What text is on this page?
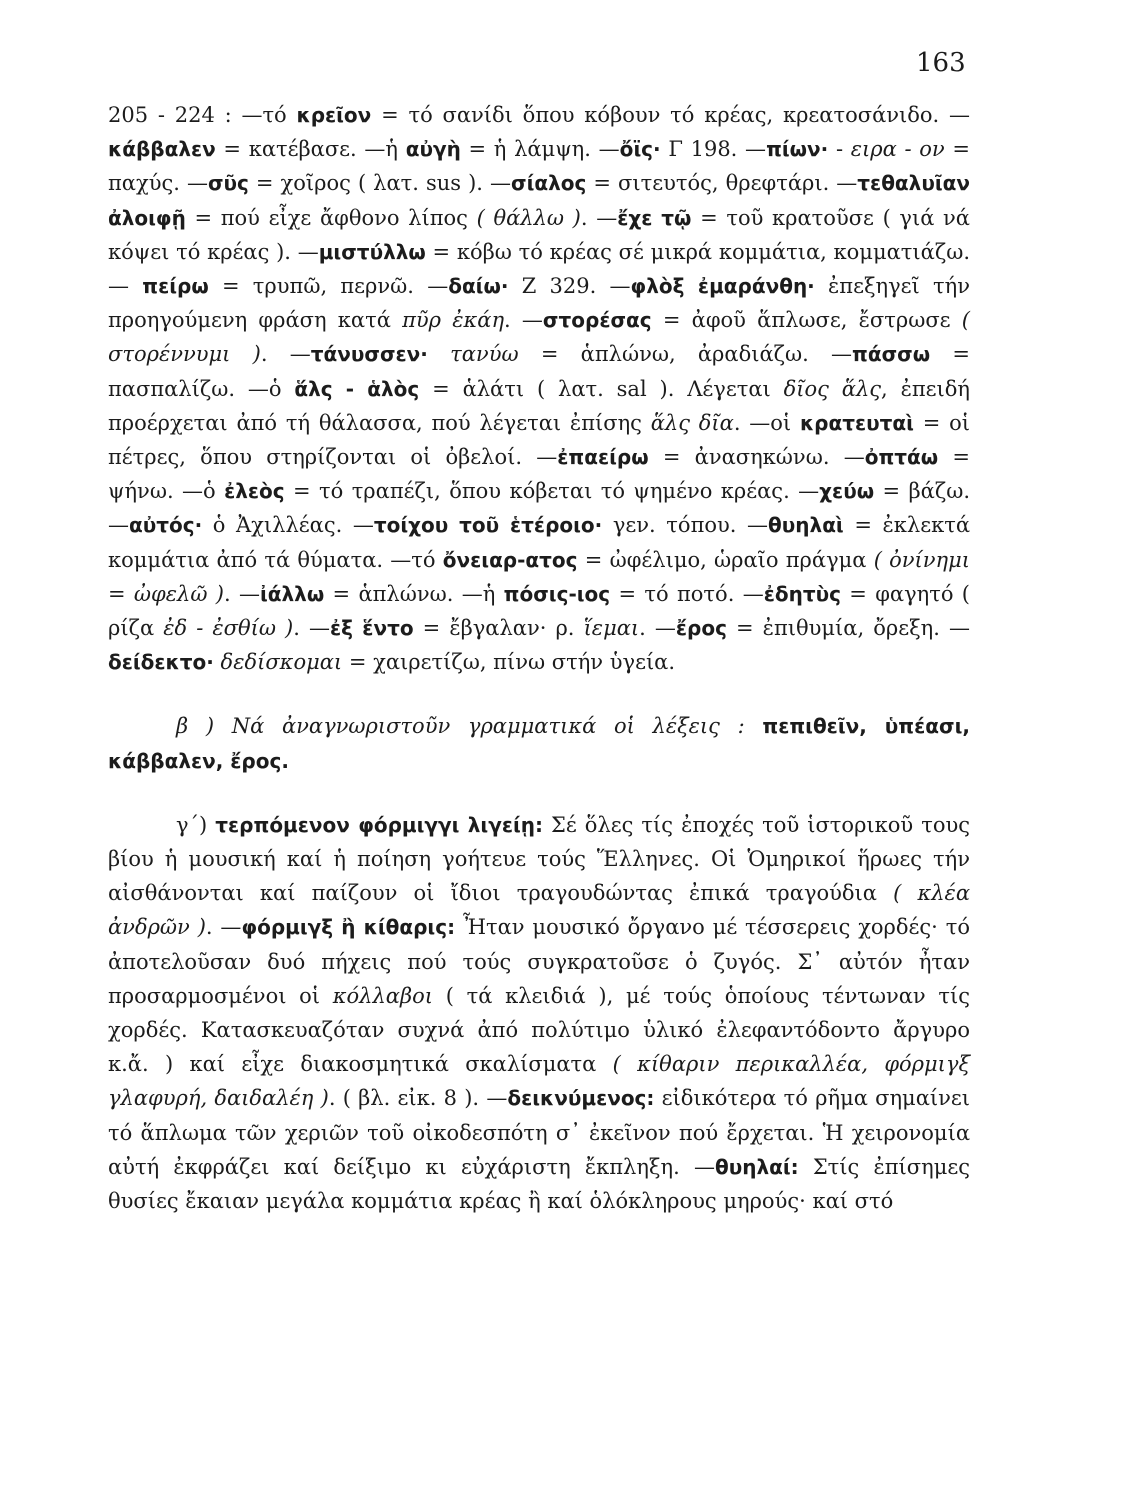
163

205 - 224 : —τό κρεῖον = τό σανίδι ὅπου κόβουν τό κρέας, κρεατοσάνιδο. —κάββαλεν = κατέβασε. —ἡ αὐγὴ = ἡ λάμψη. —ὄϊς· Γ 198. —πίων· - ειρα - ον = παχύς. —σῦς = χοῖρος ( λατ. sus ). —σίαλος = σιτευτός, θρεφτάρι. —τεθαλυῖαν ἀλοιφῇ = πού εἶχε ἄφθονο λίπος ( θάλλω ). —ἔχε τῷ = τοῦ κρατοῦσε ( γιά νά κόψει τό κρέας ). —μιστύλλω = κόβω τό κρέας σέ μικρά κομμάτια, κομματιάζω. — πείρω = τρυπῶ, περνῶ. —δαίω· Ζ 329. —φλὸξ ἐμαράνθη· ἐπεξηγεῖ τήν προηγούμενη φράση κατά πῦρ ἐκάη. —στορέσας = ἀφοῦ ἅπλωσε, ἔστρωσε ( στορέννυμι ). —τάνυσσεν· τανύω = ἁπλώνω, ἀραδιάζω. —πάσσω = πασπαλίζω. —ὁ ἅλς - ἁλὸς = ἁλάτι ( λατ. sal ). Λέγεται δῖος ἅλς, ἐπειδή προέρχεται ἀπό τή θάλασσα, πού λέγεται ἐπίσης ἅλς δῖα. —οἱ κρατευταὶ = οἱ πέτρες, ὅπου στηρίζονται οἱ ὀβελοί. —ἐπαείρω = ἀνασηκώνω. —ὀπτάω = ψήνω. —ὁ ἐλεὸς = τό τραπέζι, ὅπου κόβεται τό ψημένο κρέας. —χεύω = βάζω. —αὐτός· ὁ Ἀχιλλέας. —τοίχου τοῦ ἑτέροιο· γεν. τόπου. —θυηλαὶ = ἐκλεκτά κομμάτια ἀπό τά θύματα. —τό ὄνειαρ-ατος = ὠφέλιμο, ὡραῖο πράγμα ( ὀνίνημι = ὠφελῶ ). —ἰάλλω = ἁπλώνω. —ἡ πόσις-ιος = τό ποτό. —ἐδητὺς = φαγητό ( ρίζα ἐδ - ἐσθίω ). —ἐξ ἕντο = ἔβγαλαν· ρ. ἵεμαι. —ἔρος = ἐπιθυμία, ὄρεξη. —δείδεκτο· δεδίσκομαι = χαιρετίζω, πίνω στήν ὑγεία.

β ) Νά ἀναγνωριστοῦν γραμματικά οἱ λέξεις : πεπιθεῖν, ὑπέασι, κάββαλεν, ἔρος.

γ΄) τερπόμενον φόρμιγγι λιγείῃ: Σέ ὅλες τίς ἐποχές τοῦ ἱστορικοῦ τους βίου ἡ μουσική καί ἡ ποίηση γοήτευε τούς Ἕλληνες. Οἱ Ὁμηρικοί ἥρωες τήν αἰσθάνονται καί παίζουν οἱ ἴδιοι τραγουδώντας ἐπικά τραγούδια ( κλέα ἀνδρῶν ). —φόρμιγξ ἢ κίθαρις: Ἦταν μουσικό ὄργανο μέ τέσσερεις χορδές· τό ἀποτελοῦσαν δυό πήχεις πού τούς συγκρατοῦσε ὁ ζυγός. Σ᾽ αὐτόν ἦταν προσαρμοσμένοι οἱ κόλλαβοι ( τά κλειδιά ), μέ τούς ὁποίους τέντωναν τίς χορδές. Κατασκευαζόταν συχνά ἀπό πολύτιμο ὑλικό ἐλεφαντόδοντο ἄργυρο κ.ἄ. ) καί εἶχε διακοσμητικά σκαλίσματα ( κίθαριν περικαλλέα, φόρμιγξ γλαφυρή, δαιδαλέη ). ( βλ. εἰκ. 8 ). —δεικνύμενος: εἰδικότερα τό ρῆμα σημαίνει τό ἅπλωμα τῶν χεριῶν τοῦ οἰκοδεσπότη σ᾽ ἐκεῖνον πού ἔρχεται. Ἡ χειρονομία αὐτή ἐκφράζει καί δείξιμο κι εὐχάριστη ἔκπληξη. —θυηλαί: Στίς ἐπίσημες θυσίες ἔκαιαν μεγάλα κομμάτια κρέας ἢ καί ὁλόκληρους μηρούς· καί στό
